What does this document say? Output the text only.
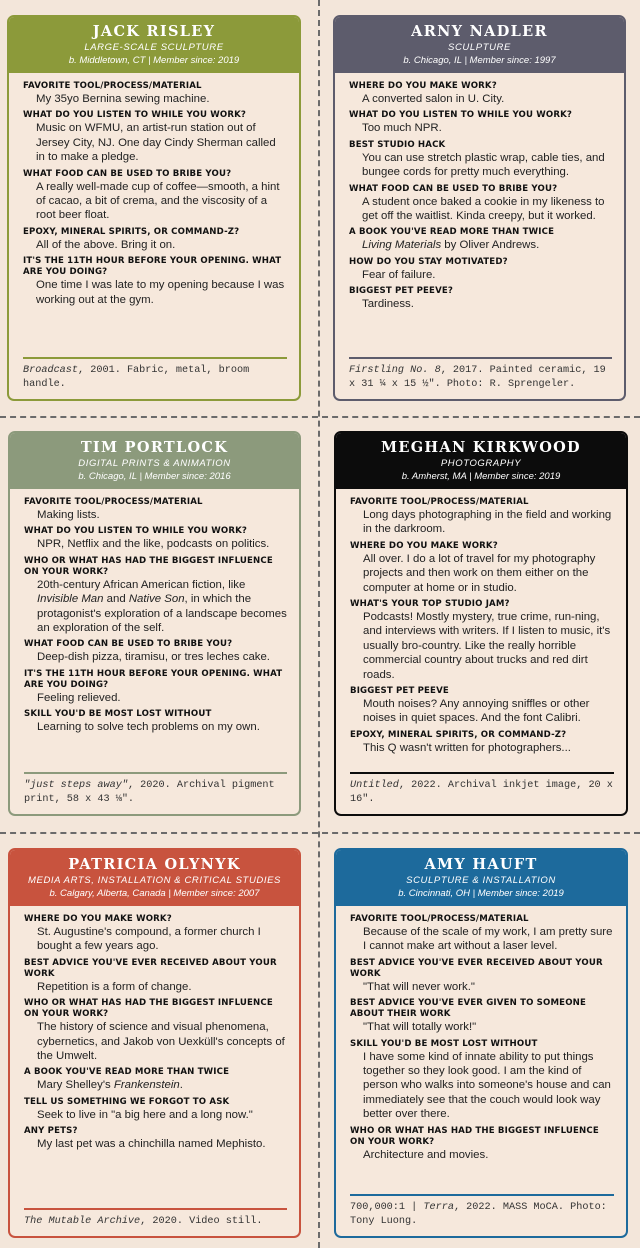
JACK RISLEY
LARGE-SCALE SCULPTURE
b. Middletown, CT | Member since: 2019
FAVORITE TOOL/PROCESS/MATERIAL
My 35yo Bernina sewing machine.
WHAT DO YOU LISTEN TO WHILE YOU WORK?
Music on WFMU, an artist-run station out of Jersey City, NJ. One day Cindy Sherman called in to make a pledge.
WHAT FOOD CAN BE USED TO BRIBE YOU?
A really well-made cup of coffee—smooth, a hint of cacao, a bit of crema, and the viscosity of a root beer float.
EPOXY, MINERAL SPIRITS, OR COMMAND-Z?
All of the above. Bring it on.
IT'S THE 11TH HOUR BEFORE YOUR OPENING. WHAT ARE YOU DOING?
One time I was late to my opening because I was working out at the gym.
Broadcast, 2001. Fabric, metal, broom handle.
ARNY NADLER
SCULPTURE
b. Chicago, IL | Member since: 1997
WHERE DO YOU MAKE WORK?
A converted salon in U. City.
WHAT DO YOU LISTEN TO WHILE YOU WORK?
Too much NPR.
BEST STUDIO HACK
You can use stretch plastic wrap, cable ties, and bungee cords for pretty much everything.
WHAT FOOD CAN BE USED TO BRIBE YOU?
A student once baked a cookie in my likeness to get off the waitlist. Kinda creepy, but it worked.
A BOOK YOU'VE READ MORE THAN TWICE
Living Materials by Oliver Andrews.
HOW DO YOU STAY MOTIVATED?
Fear of failure.
BIGGEST PET PEEVE?
Tardiness.
Firstling No. 8, 2017. Painted ceramic, 19 x 31 ¼ x 15 ½". Photo: R. Sprengeler.
TIM PORTLOCK
DIGITAL PRINTS & ANIMATION
b. Chicago, IL | Member since: 2016
FAVORITE TOOL/PROCESS/MATERIAL
Making lists.
WHAT DO YOU LISTEN TO WHILE YOU WORK?
NPR, Netflix and the like, podcasts on politics.
WHO OR WHAT HAS HAD THE BIGGEST INFLUENCE ON YOUR WORK?
20th-century African American fiction, like Invisible Man and Native Son, in which the protagonist's exploration of a landscape becomes an exploration of the self.
WHAT FOOD CAN BE USED TO BRIBE YOU?
Deep-dish pizza, tiramisu, or tres leches cake.
IT'S THE 11TH HOUR BEFORE YOUR OPENING. WHAT ARE YOU DOING?
Feeling relieved.
SKILL YOU'D BE MOST LOST WITHOUT
Learning to solve tech problems on my own.
"just steps away", 2020. Archival pigment print, 58 x 43 ⅛".
MEGHAN KIRKWOOD
PHOTOGRAPHY
b. Amherst, MA | Member since: 2019
FAVORITE TOOL/PROCESS/MATERIAL
Long days photographing in the field and working in the darkroom.
WHERE DO YOU MAKE WORK?
All over. I do a lot of travel for my photography projects and then work on them either on the computer at home or in studio.
WHAT'S YOUR TOP STUDIO JAM?
Podcasts! Mostly mystery, true crime, run-ning, and interviews with writers. If I listen to music, it's usually bro-country. Like the really horrible commercial country about trucks and red dirt roads.
BIGGEST PET PEEVE
Mouth noises? Any annoying sniffles or other noises in quiet spaces. And the font Calibri.
EPOXY, MINERAL SPIRITS, OR COMMAND-Z?
This Q wasn't written for photographers...
Untitled, 2022. Archival inkjet image, 20 x 16".
PATRICIA OLYNYK
MEDIA ARTS, INSTALLATION & CRITICAL STUDIES
b. Calgary, Alberta, Canada | Member since: 2007
WHERE DO YOU MAKE WORK?
St. Augustine's compound, a former church I bought a few years ago.
BEST ADVICE YOU'VE EVER RECEIVED ABOUT YOUR WORK
Repetition is a form of change.
WHO OR WHAT HAS HAD THE BIGGEST INFLUENCE ON YOUR WORK?
The history of science and visual phenomena, cybernetics, and Jakob von Uexküll's concepts of the Umwelt.
A BOOK YOU'VE READ MORE THAN TWICE
Mary Shelley's Frankenstein.
TELL US SOMETHING WE FORGOT TO ASK
Seek to live in "a big here and a long now."
ANY PETS?
My last pet was a chinchilla named Mephisto.
The Mutable Archive, 2020. Video still.
AMY HAUFT
SCULPTURE & INSTALLATION
b. Cincinnati, OH | Member since: 2019
FAVORITE TOOL/PROCESS/MATERIAL
Because of the scale of my work, I am pretty sure I cannot make art without a laser level.
BEST ADVICE YOU'VE EVER RECEIVED ABOUT YOUR WORK
"That will never work."
BEST ADVICE YOU'VE EVER GIVEN TO SOMEONE ABOUT THEIR WORK
"That will totally work!"
SKILL YOU'D BE MOST LOST WITHOUT
I have some kind of innate ability to put things together so they look good. I am the kind of person who walks into someone's house and can immediately see that the couch would look way better over there.
WHO OR WHAT HAS HAD THE BIGGEST INFLUENCE ON YOUR WORK?
Architecture and movies.
700,000:1 | Terra, 2022. MASS MoCA. Photo: Tony Luong.
